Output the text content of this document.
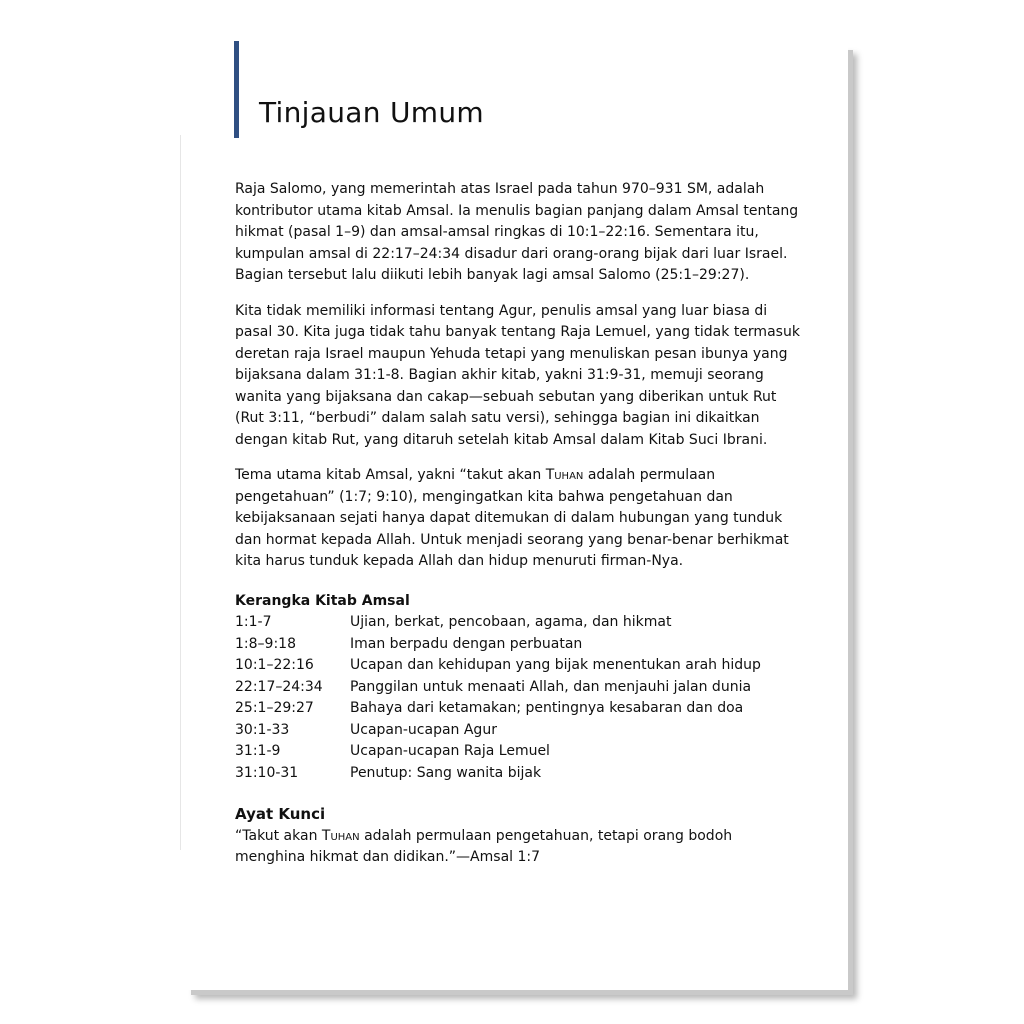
Tinjauan Umum

Raja Salomo, yang memerintah atas Israel pada tahun 970–931 SM, adalah
kontributor utama kitab Amsal. Ia menulis bagian panjang dalam Amsal tentang
hikmat (pasal 1–9) dan amsal-amsal ringkas di 10:1–22:16. Sementara itu,
kumpulan amsal di 22:17–24:34 disadur dari orang-orang bijak dari luar Israel.
Bagian tersebut lalu diikuti lebih banyak lagi amsal Salomo (25:1–29:27).

Kita tidak memiliki informasi tentang Agur, penulis amsal yang luar biasa di
pasal 30. Kita juga tidak tahu banyak tentang Raja Lemuel, yang tidak termasuk
deretan raja Israel maupun Yehuda tetapi yang menuliskan pesan ibunya yang
bijaksana dalam 31:1-8. Bagian akhir kitab, yakni 31:9-31, memuji seorang
wanita yang bijaksana dan cakap—sebuah sebutan yang diberikan untuk Rut
(Rut 3:11, “berbudi” dalam salah satu versi), sehingga bagian ini dikaitkan
dengan kitab Rut, yang ditaruh setelah kitab Amsal dalam Kitab Suci Ibrani.

Tema utama kitab Amsal, yakni “takut akan Tuhan adalah permulaan
pengetahuan” (1:7; 9:10), mengingatkan kita bahwa pengetahuan dan
kebijaksanaan sejati hanya dapat ditemukan di dalam hubungan yang tunduk
dan hormat kepada Allah. Untuk menjadi seorang yang benar-benar berhikmat
kita harus tunduk kepada Allah dan hidup menuruti firman-Nya.

Kerangka Kitab Amsal
1:1-7	Ujian, berkat, pencobaan, agama, dan hikmat
1:8–9:18	Iman berpadu dengan perbuatan
10:1–22:16	Ucapan dan kehidupan yang bijak menentukan arah hidup
22:17–24:34	Panggilan untuk menaati Allah, dan menjauhi jalan dunia
25:1–29:27	Bahaya dari ketamakan; pentingnya kesabaran dan doa
30:1-33	Ucapan-ucapan Agur
31:1-9	Ucapan-ucapan Raja Lemuel
31:10-31	Penutup: Sang wanita bijak
Ayat Kunci
“Takut akan Tuhan adalah permulaan pengetahuan, tetapi orang bodoh
menghina hikmat dan didikan.”—Amsal 1:7
